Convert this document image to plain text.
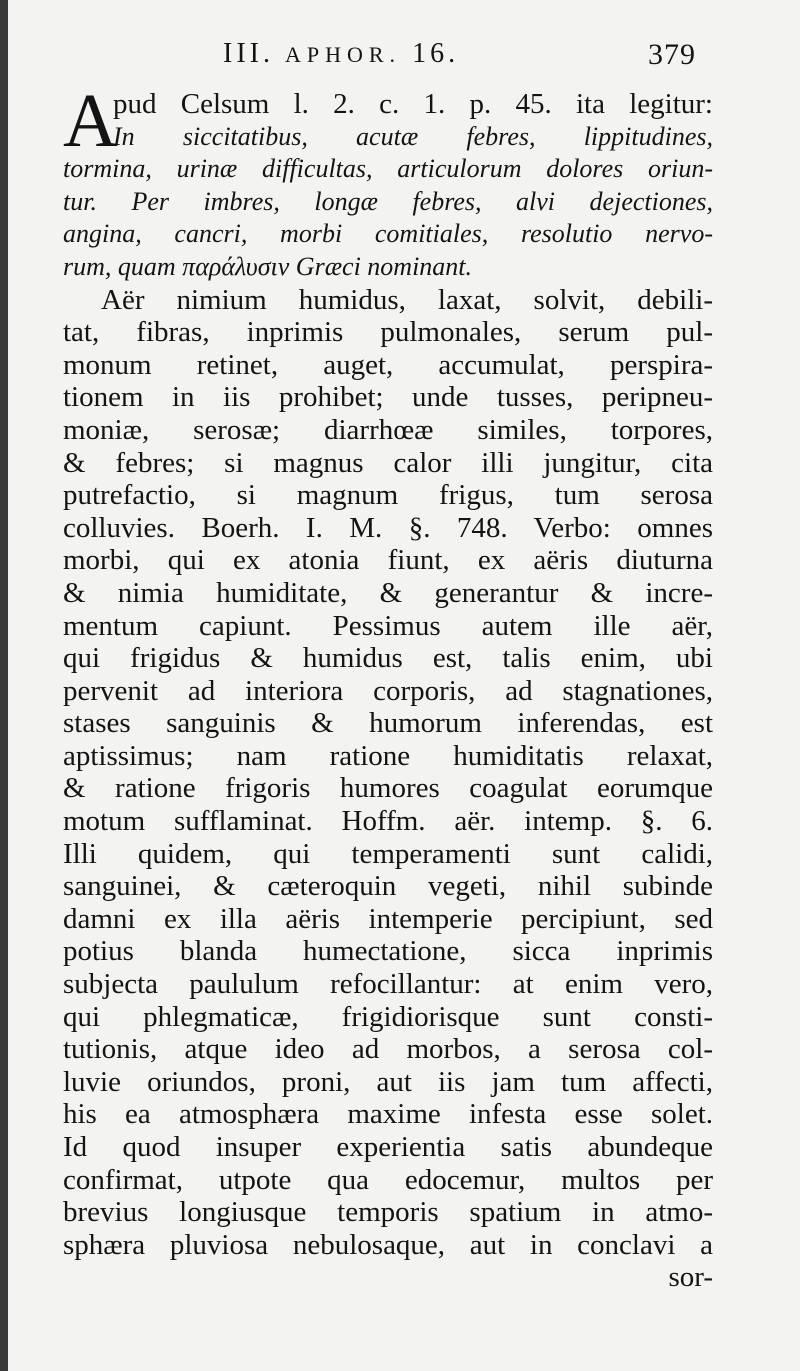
III. APHOR. 16.	379
A
pud Celsum l. 2. c. 1. p. 45. ita legitur:
In siccitatibus, acutæ febres, lippitudines,
tormina, urinæ difficultas, articulorum dolores oriun-
tur. Per imbres, longæ febres, alvi dejectiones,
angina, cancri, morbi comitiales, resolutio nervo-
rum, quam παράλυσιν Græci nominant.
Aër nimium humidus, laxat, solvit, debili-
tat, fibras, inprimis pulmonales, serum pul-
monum retinet, auget, accumulat, perspira-
tionem in iis prohibet; unde tusses, peripneu-
moniæ, serosæ; diarrhœæ similes, torpores,
& febres; si magnus calor illi jungitur, cita
putrefactio, si magnum frigus, tum serosa
colluvies. Boerh. I. M. §. 748. Verbo: omnes
morbi, qui ex atonia fiunt, ex aëris diuturna
& nimia humiditate, & generantur & incre-
mentum capiunt. Pessimus autem ille aër,
qui frigidus & humidus est, talis enim, ubi
pervenit ad interiora corporis, ad stagnationes,
stases sanguinis & humorum inferendas, est
aptissimus; nam ratione humiditatis relaxat,
& ratione frigoris humores coagulat eorumque
motum sufflaminat. Hoffm. aër. intemp. §. 6.
Illi quidem, qui temperamenti sunt calidi,
sanguinei, & cæteroquin vegeti, nihil subinde
damni ex illa aëris intemperie percipiunt, sed
potius blanda humectatione, sicca inprimis
subjecta paululum refocillantur: at enim vero,
qui phlegmaticæ, frigidiorisque sunt consti-
tutionis, atque ideo ad morbos, a serosa col-
luvie oriundos, proni, aut iis jam tum affecti,
his ea atmosphæra maxime infesta esse solet.
Id quod insuper experientia satis abundeque
confirmat, utpote qua edocemur, multos per
brevius longiusque temporis spatium in atmo-
sphæra pluviosa nebulosaque, aut in conclavi a
sor-
